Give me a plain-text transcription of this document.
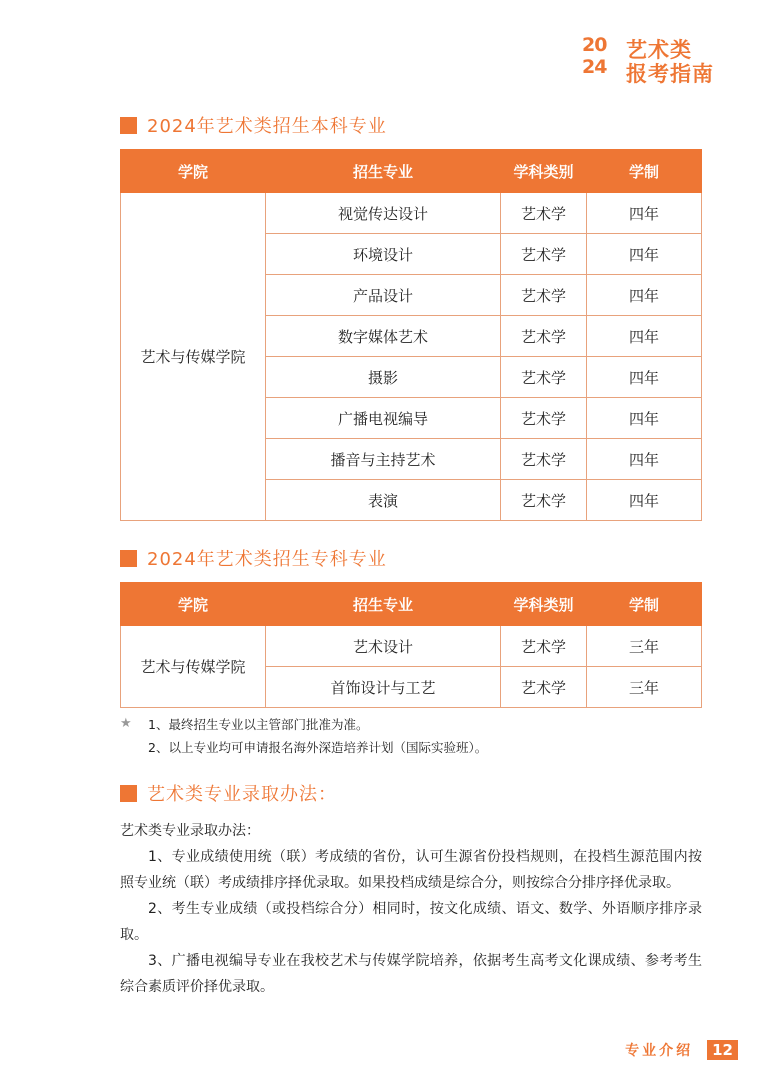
20
24
艺术类
报考指南
2024年艺术类招生本科专业
学院	招生专业	学科类别	学制
艺术与传媒学院	视觉传达设计	艺术学	四年
	环境设计	艺术学	四年
	产品设计	艺术学	四年
	数字媒体艺术	艺术学	四年
	摄影	艺术学	四年
	广播电视编导	艺术学	四年
	播音与主持艺术	艺术学	四年
	表演	艺术学	四年
2024年艺术类招生专科专业
学院	招生专业	学科类别	学制
艺术与传媒学院	艺术设计	艺术学	三年
	首饰设计与工艺	艺术学	三年
★	1、最终招生专业以主管部门批准为准。
2、以上专业均可申请报名海外深造培养计划（国际实验班）。
艺术类专业录取办法：

艺术类专业录取办法：

1、专业成绩使用统（联）考成绩的省份，认可生源省份投档规则，在投档生源范围内按照专业统（联）考成绩排序择优录取。如果投档成绩是综合分，则按综合分排序择优录取。

2、考生专业成绩（或投档综合分）相同时，按文化成绩、语文、数学、外语顺序排序录取。

3、广播电视编导专业在我校艺术与传媒学院培养，依据考生高考文化课成绩、参考考生综合素质评价择优录取。

专业介绍	12
